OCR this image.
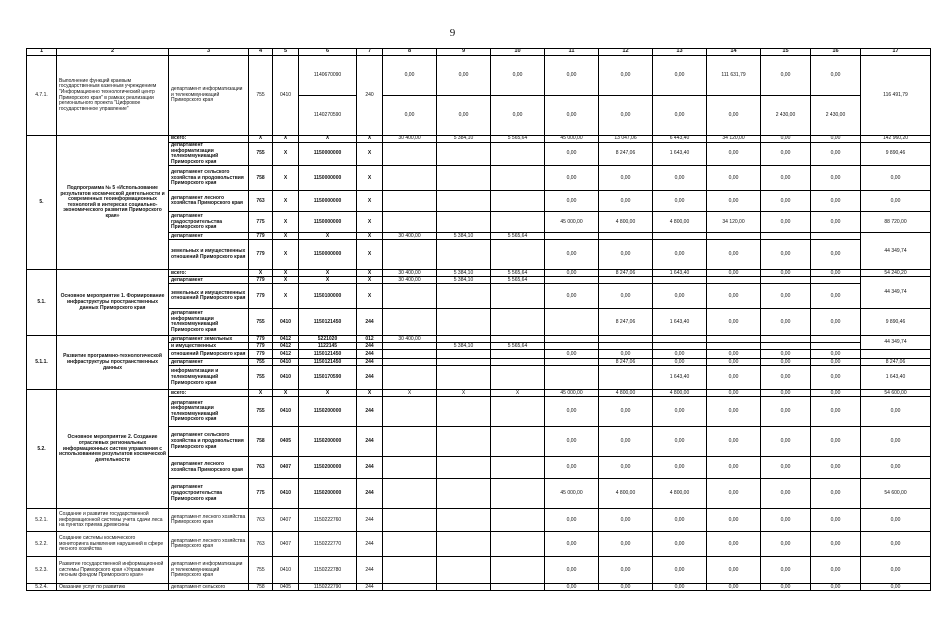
9
1	2	3	4	5	6	7	8	9	10	11	12	13	14	15	16	17
4.7.1.	Выполнение функций краевым государственным казенным учреждением "Информационно технологический центр Приморского края" в рамках реализации регионального проекта "Цифровое государственное управление"	департамент информатизации и телекоммуникаций Приморского края	755	0410	1140670090	240	0,00	0,00	0,00	0,00	0,00	0,00	111 631,79	0,00	0,00	116 491,79
					1140270590		0,00	0,00	0,00	0,00	0,00	0,00	0,00	2 430,00	2 430,00	
5.	Подпрограмма № 5 «Использование результатов космической деятельности и современных геоинформационных технологий в интересах социально-экономического развития Приморского края»	всего:	X	X	X	X	30 400,00	5 384,10	5 565,64	45 000,00	13 047,06	6 443,40	34 120,00	0,00	0,00	142 960,20
		департамент информатизации телекоммуникаций Приморского края	755	X	1150000000	X				0,00	8 247,06	1 643,40	0,00	0,00	0,00	9 890,46
		департамент сельского хозяйства и продовольствия Приморского края	758	X	1150000000	X				0,00	0,00	0,00	0,00	0,00	0,00	0,00
		департамент лесного хозяйства Приморского края	763	X	1150000000	X				0,00	0,00	0,00	0,00	0,00	0,00	0,00
		департамент градостроительства Приморского края	775	X	1150000000	X				45 000,00	4 800,00	4 800,00	34 120,00	0,00	0,00	88 720,00
		департамент	779	X	X	X	30 400,00	5 384,10	5 565,64							44 349,74
		земельных и имущественных отношений Приморского края	779	X	1150000000	X				0,00	0,00	0,00	0,00	0,00	0,00	
5.1.	Основное мероприятие 1. Формирование инфраструктуры пространственных данных Приморского края	всего:	X	X	X	X	30 400,00	5 384,10	5 565,64	0,00	8 247,06	1 643,40	0,00	0,00	0,00	54 240,20
		департамент	779	X	X	X	30 400,00	5 384,10	5 565,64							44 349,74
		земельных и имущественных отношений Приморского края	779	X	1150100000	X				0,00	0,00	0,00	0,00	0,00	0,00	
		департамент информатизации телекоммуникаций Приморского края	755	0410	1150121450	244					8 247,06	1 643,40	0,00	0,00	0,00	9 890,46
5.1.1.	Развитие программно-технологической инфраструктуры пространственных данных	департамент земельных	779	0412	5221020	012	30 400,00									44 349,74
		и имущественных	779	0412	1122145	244		5 384,10	5 565,64							
		отношений Приморского края	779	0412	1150121450	244				0,00	0,00	0,00	0,00	0,00	0,00	
		департамент	755	0410	1150121450	244					8 247,06	0,00	0,00	0,00	0,00	8 247,06
		информатизации и телекоммуникаций Приморского края	755	0410	1150170590	244						1 643,40	0,00	0,00	0,00	1 643,40
5.2.	Основное мероприятие 2. Создание отраслевых региональных информационных систем управления с использованием результатов космической деятельности	всего:	X	X	X	X	X	X	X	45 000,00	4 800,00	4 800,00	0,00	0,00	0,00	54 600,00
		департамент информатизации телекоммуникаций Приморского края	755	0410	1150200000	244				0,00	0,00	0,00	0,00	0,00	0,00	0,00
		департамент сельского хозяйства и продовольствия Приморского края	758	0405	1150200000	244				0,00	0,00	0,00	0,00	0,00	0,00	0,00
		департамент лесного хозяйства Приморского края	763	0407	1150200000	244				0,00	0,00	0,00	0,00	0,00	0,00	0,00
		департамент градостроительства Приморского края	775	0410	1150200000	244				45 000,00	4 800,00	4 800,00	0,00	0,00	0,00	54 600,00
5.2.1.	Создание и развитие государственной информационной системы учета сдачи леса на пунктах приема древесины	департамент лесного хозяйства Приморского края	763	0407	1150222760	244				0,00	0,00	0,00	0,00	0,00	0,00	0,00
5.2.2.	Создание системы космического мониторинга выявления нарушений в сфере лесного хозяйства	департамент лесного хозяйства Приморского края	763	0407	1150222770	244				0,00	0,00	0,00	0,00	0,00	0,00	0,00
5.2.3.	Развитие государственной информационной системы Приморского края «Управление лесным фондом Приморского края»	департамент информатизации и телекоммуникаций Приморского края	755	0410	1150222780	244				0,00	0,00	0,00	0,00	0,00	0,00	0,00
5.2.4.	Оказание услуг по развитию	департамент сельского	758	0405	1150222790	244				0,00	0,00	0,00	0,00	0,00	0,00	0,00
